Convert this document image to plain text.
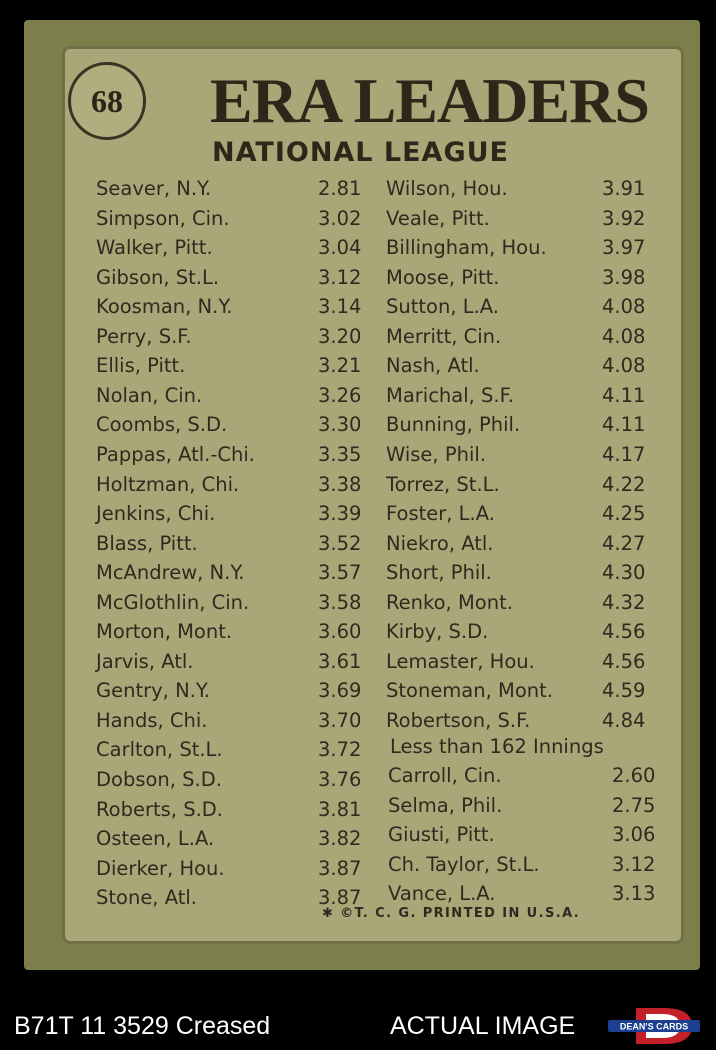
68 ERA LEADERS
NATIONAL LEAGUE
Seaver, N.Y.	2.81
Simpson, Cin.	3.02
Walker, Pitt.	3.04
Gibson, St.L.	3.12
Koosman, N.Y.	3.14
Perry, S.F.	3.20
Ellis, Pitt.	3.21
Nolan, Cin.	3.26
Coombs, S.D.	3.30
Pappas, Atl.-Chi.	3.35
Holtzman, Chi.	3.38
Jenkins, Chi.	3.39
Blass, Pitt.	3.52
McAndrew, N.Y.	3.57
McGlothlin, Cin.	3.58
Morton, Mont.	3.60
Jarvis, Atl.	3.61
Gentry, N.Y.	3.69
Hands, Chi.	3.70
Carlton, St.L.	3.72
Dobson, S.D.	3.76
Roberts, S.D.	3.81
Osteen, L.A.	3.82
Dierker, Hou.	3.87
Stone, Atl.	3.87
Wilson, Hou.	3.91
Veale, Pitt.	3.92
Billingham, Hou.	3.97
Moose, Pitt.	3.98
Sutton, L.A.	4.08
Merritt, Cin.	4.08
Nash, Atl.	4.08
Marichal, S.F.	4.11
Bunning, Phil.	4.11
Wise, Phil.	4.17
Torrez, St.L.	4.22
Foster, L.A.	4.25
Niekro, Atl.	4.27
Short, Phil.	4.30
Renko, Mont.	4.32
Kirby, S.D.	4.56
Lemaster, Hou.	4.56
Stoneman, Mont.	4.59
Robertson, S.F.	4.84
Less than 162 Innings
Carroll, Cin.	2.60
Selma, Phil.	2.75
Giusti, Pitt.	3.06
Ch. Taylor, St.L.	3.12
Vance, L.A.	3.13
✱ ©T. C. G. PRINTED IN U.S.A.
B71T 11 3529 Creased	ACTUAL IMAGE	DEAN'S CARDS
